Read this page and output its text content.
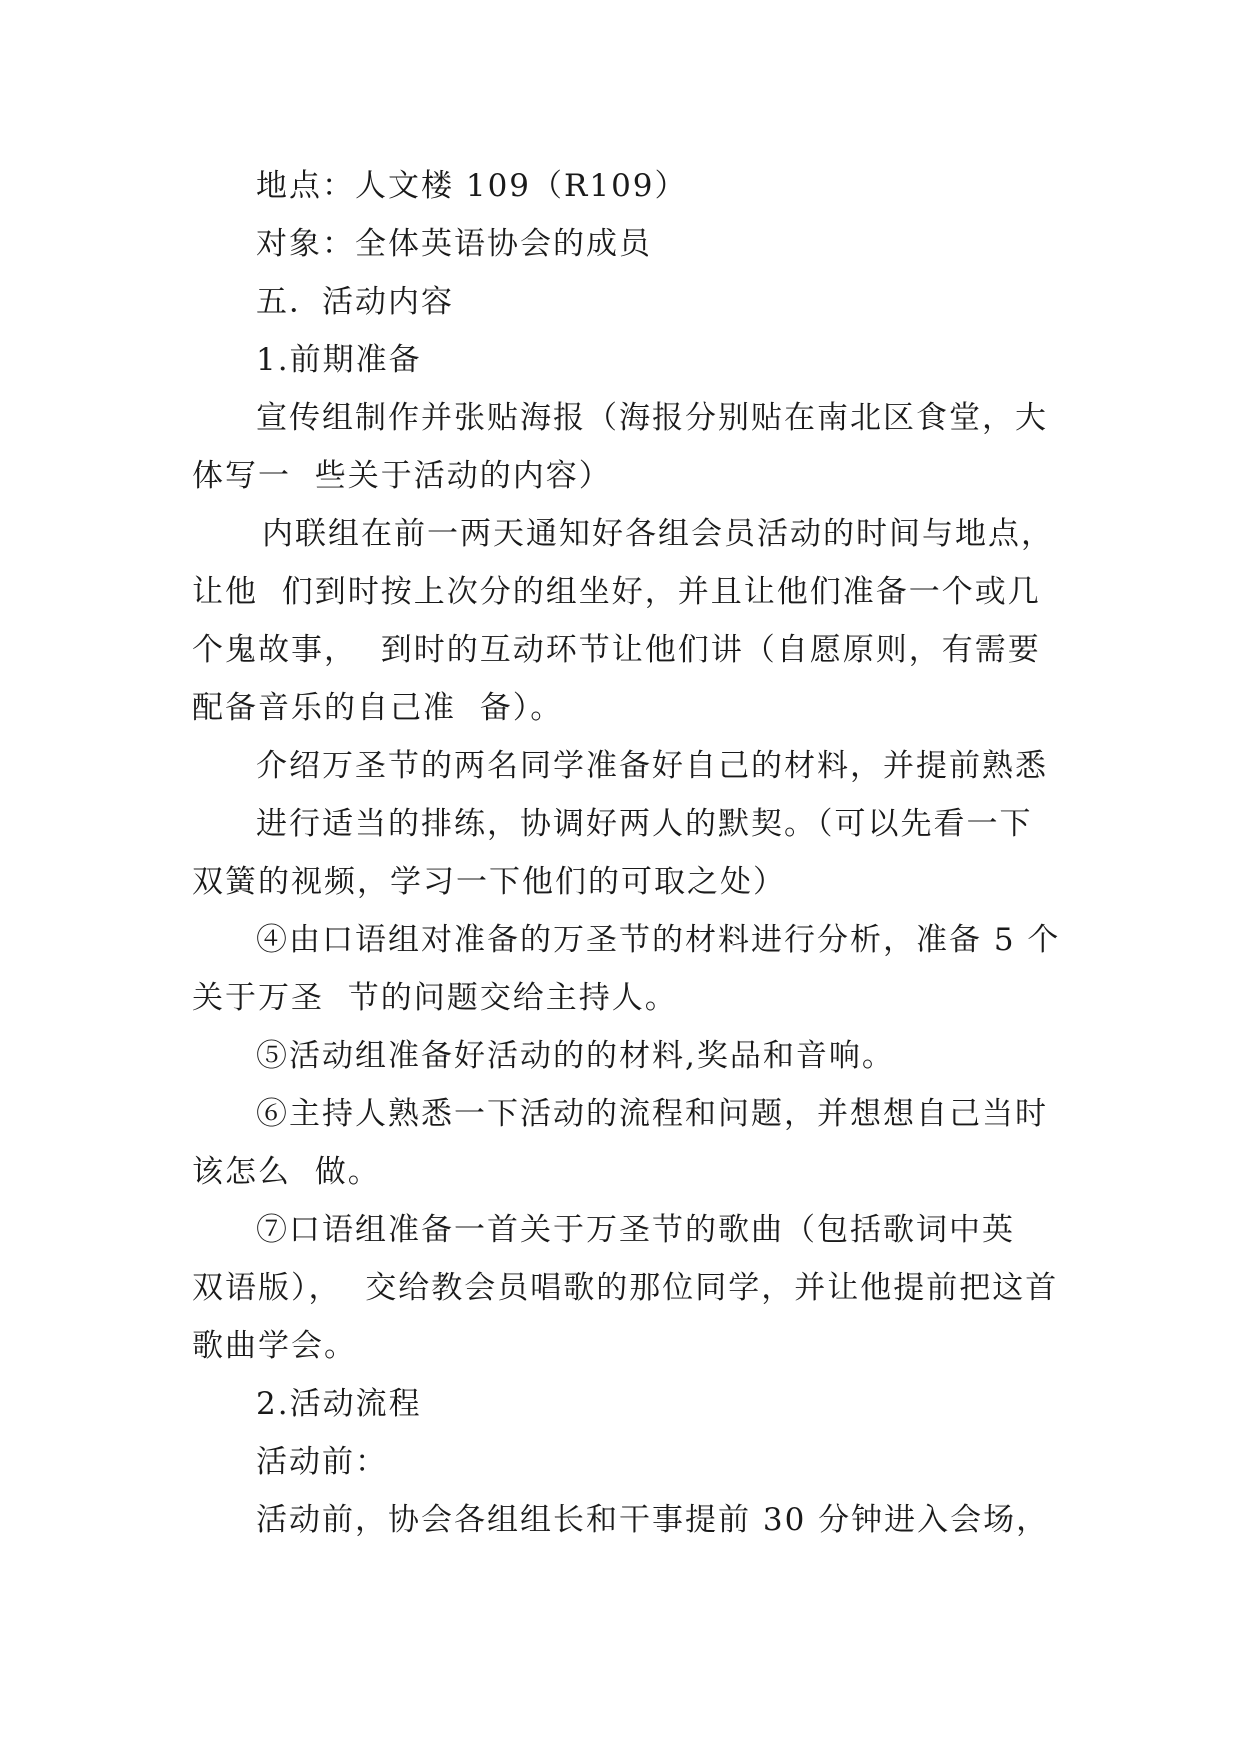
地点：人文楼 109（R109）
对象：全体英语协会的成员
五．活动内容
1.前期准备
宣传组制作并张贴海报（海报分别贴在南北区食堂，大
体写一  些关于活动的内容）
内联组在前一两天通知好各组会员活动的时间与地点，
让他  们到时按上次分的组坐好，并且让他们准备一个或几
个鬼故事，  到时的互动环节让他们讲（自愿原则，有需要
配备音乐的自己准  备）。
介绍万圣节的两名同学准备好自己的材料，并提前熟悉
进行适当的排练，协调好两人的默契。（可以先看一下
双簧的视频，学习一下他们的可取之处）
④由口语组对准备的万圣节的材料进行分析，准备 5 个
关于万圣  节的问题交给主持人。
⑤活动组准备好活动的的材料,奖品和音响。
⑥主持人熟悉一下活动的流程和问题，并想想自己当时
该怎么  做。
⑦口语组准备一首关于万圣节的歌曲（包括歌词中英
双语版），  交给教会员唱歌的那位同学，并让他提前把这首
歌曲学会。
2.活动流程
活动前：
活动前，协会各组组长和干事提前 30 分钟进入会场，
